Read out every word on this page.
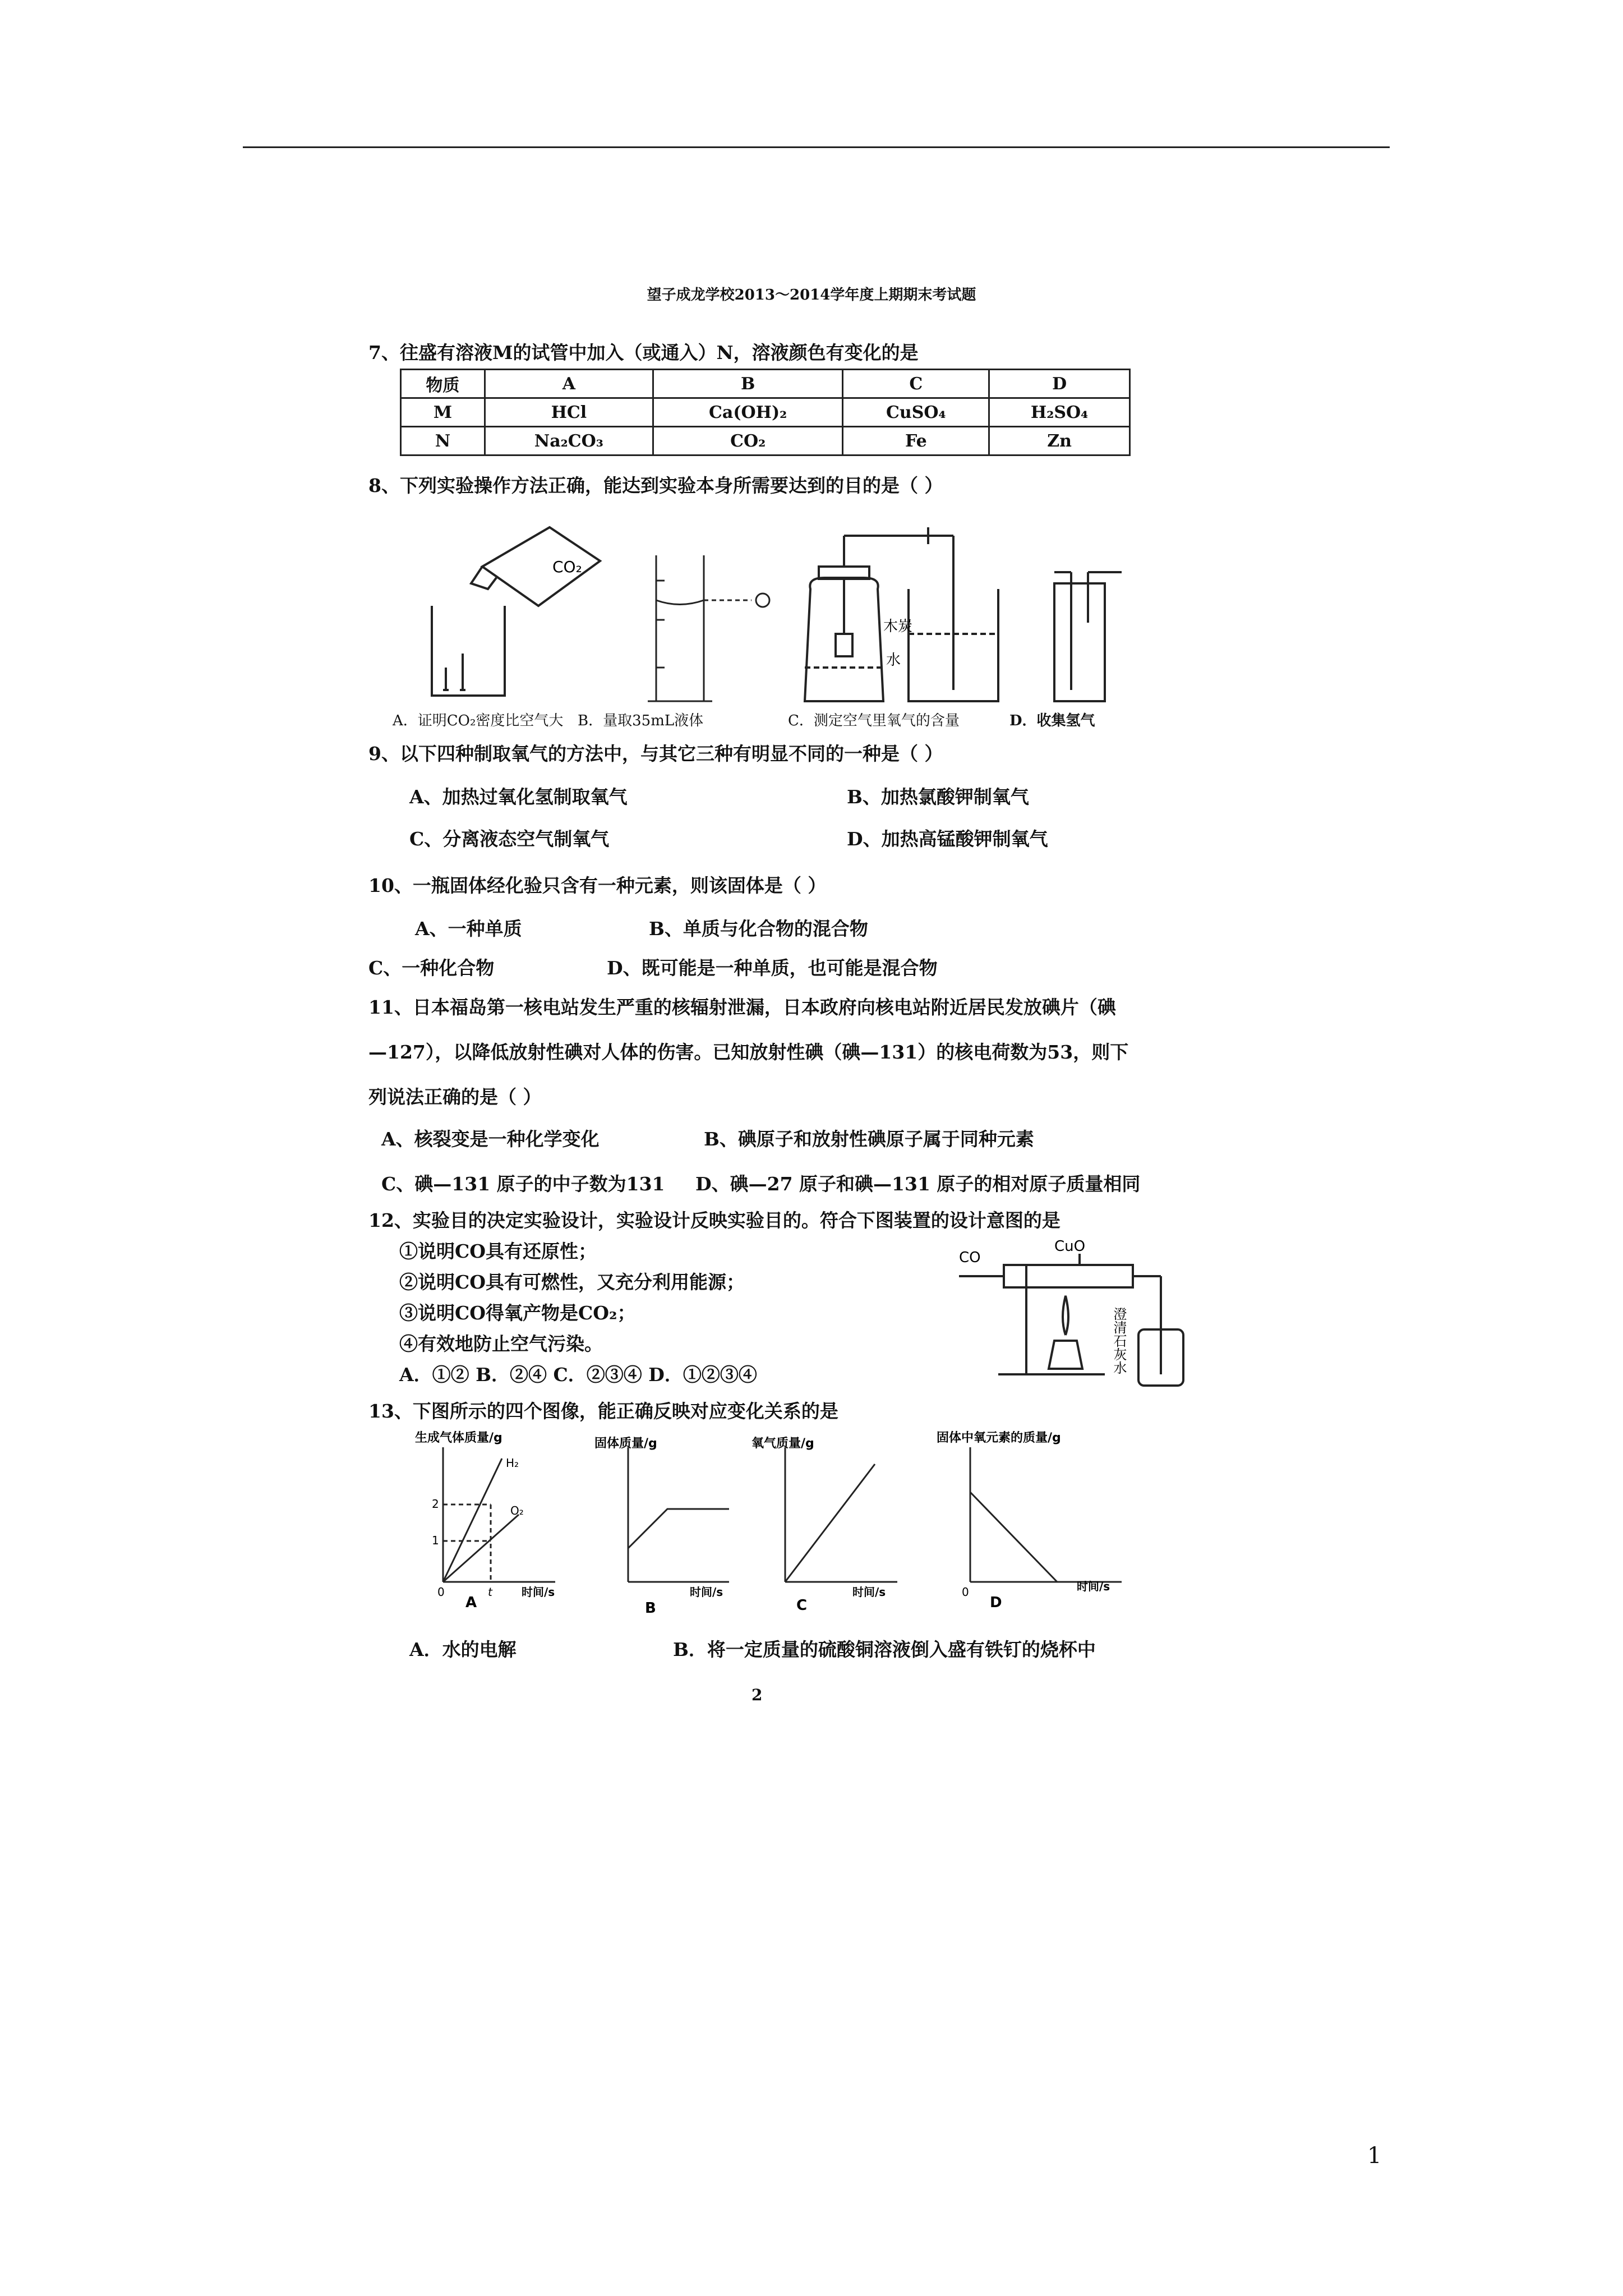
望子成龙学校2013～2014学年度上期期末考试题
7、往盛有溶液M的试管中加入（或通入）N，溶液颜色有变化的是
物质	A	B	C	D
M	HCl	Ca(OH)₂	CuSO₄	H₂SO₄
N	Na₂CO₃	CO₂	Fe	Zn
8、下列实验操作方法正确，能达到实验本身所需要达到的目的是（ ）
CO₂
木炭
水
A．证明CO₂密度比空气大 B．量取35mL液体	C．测定空气里氧气的含量	D．收集氢气
9、以下四种制取氧气的方法中，与其它三种有明显不同的一种是（ ）
A、加热过氧化氢制取氧气	B、加热氯酸钾制氧气
C、分离液态空气制氧气	D、加热高锰酸钾制氧气
10、一瓶固体经化验只含有一种元素，则该固体是（ ）
A、一种单质	B、单质与化合物的混合物
C、一种化合物	D、既可能是一种单质，也可能是混合物
11、日本福岛第一核电站发生严重的核辐射泄漏，日本政府向核电站附近居民发放碘片（碘
—127），以降低放射性碘对人体的伤害。已知放射性碘（碘—131）的核电荷数为53，则下
列说法正确的是（ ）
A、核裂变是一种化学变化	B、碘原子和放射性碘原子属于同种元素
C、碘—131 原子的中子数为131 D、碘—27 原子和碘—131 原子的相对原子质量相同
12、实验目的决定实验设计，实验设计反映实验目的。符合下图装置的设计意图的是
①说明CO具有还原性；
②说明CO具有可燃性，又充分利用能源；
③说明CO得氧产物是CO₂；
④有效地防止空气污染。
A．①② B．②④ C．②③④ D．①②③④
CO
CuO
澄清石灰水
13、下图所示的四个图像，能正确反映对应变化关系的是
生成气体质量/g
H₂
O₂
1
2
0	t	时间/s
A
固体质量/g
时间/s
B
氧气质量/g
时间/s
C
固体中氧元素的质量/g
0	时间/s
D
A．水的电解	B．将一定质量的硫酸铜溶液倒入盛有铁钉的烧杯中
2
1
